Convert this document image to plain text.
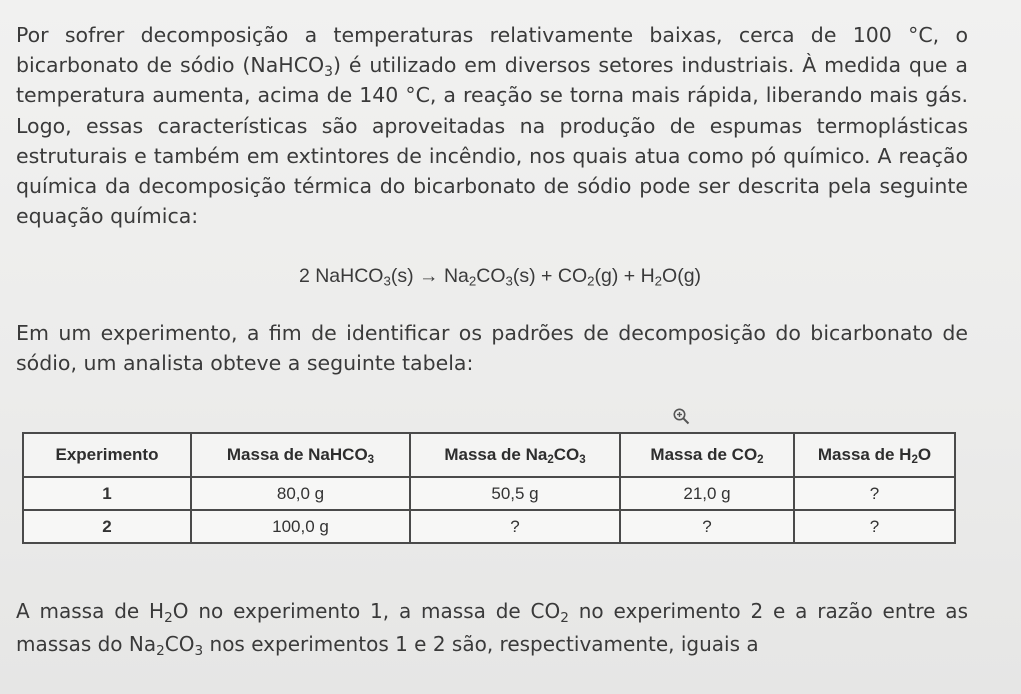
Por sofrer decomposição a temperaturas relativamente baixas, cerca de 100 °C, o bicarbonato de sódio (NaHCO$_3$) é utilizado em diversos setores industriais. À medida que a temperatura aumenta, acima de 140 °C, a reação se torna mais rápida, liberando mais gás. Logo, essas características são aproveitadas na produção de espumas termoplásticas estruturais e também em extintores de incêndio, nos quais atua como pó químico. A reação química da decomposição térmica do bicarbonato de sódio pode ser descrita pela seguinte equação química:

2 NaHCO$_3$(s) → $Na_2CO_3(s) + CO_2(g) + H_2O(g)$

Em um experimento, a fim de identificar os padrões de decomposição do bicarbonato de sódio, um analista obteve a seguinte tabela:

Experimento	Massa de NaHCO$_3$	Massa de $Na_2CO_3$	Massa de $CO_2$	Massa de $H_2O$
1	80,0 g	50,5 g	21,0 g	?
2	100,0 g	?	?	?

A massa de $H_2O$ no experimento 1, a massa de $CO_2$ no experimento 2 e a razão entre as massas do $Na_2CO_3$ nos experimentos 1 e 2 são, respectivamente, iguais a
